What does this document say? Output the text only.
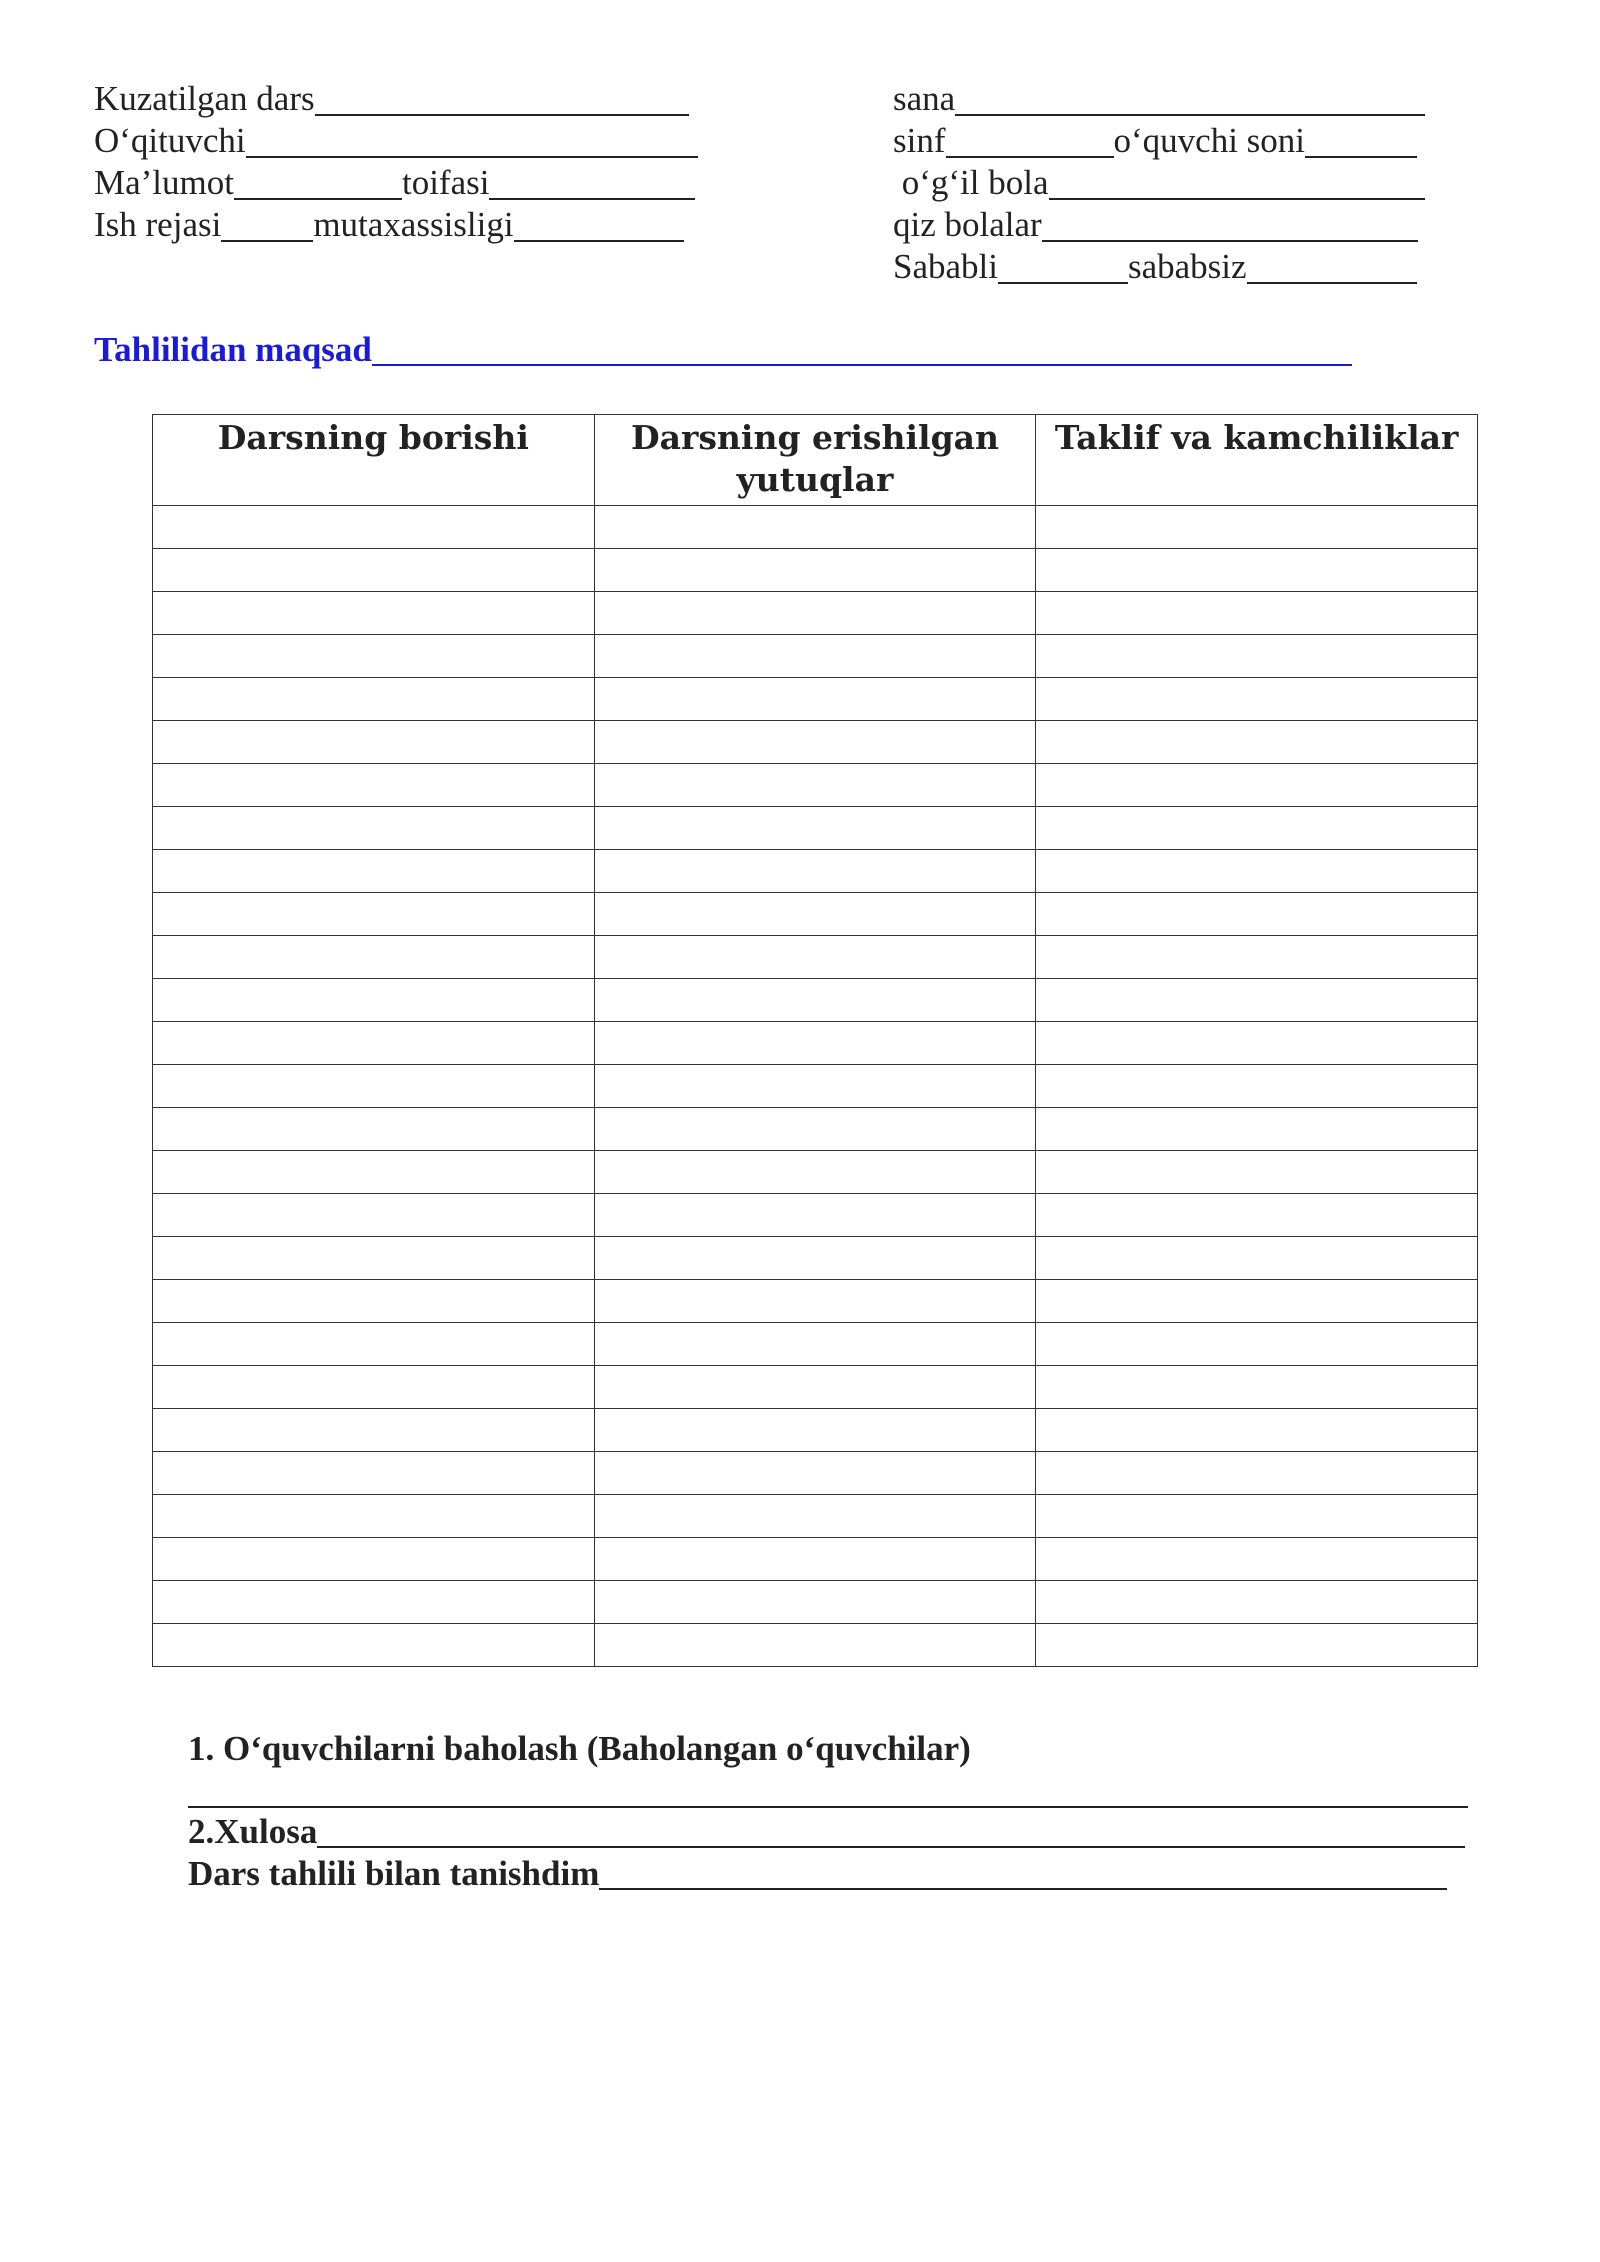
Kuzatilgan dars
O‘qituvchi
Ma’lumot	toifasi
Ish rejasi	mutaxassisligi
sana
sinf	o‘quvchi soni
o‘g‘il bola
qiz bolalar
Sababli	sababsiz
Tahlilidan maqsad
Darsning borishi	Darsning erishilgan yutuqlar	Taklif va kamchiliklar

1. O‘quvchilarni baholash (Baholangan o‘quvchilar)
2.Xulosa
Dars tahlili bilan tanishdim
